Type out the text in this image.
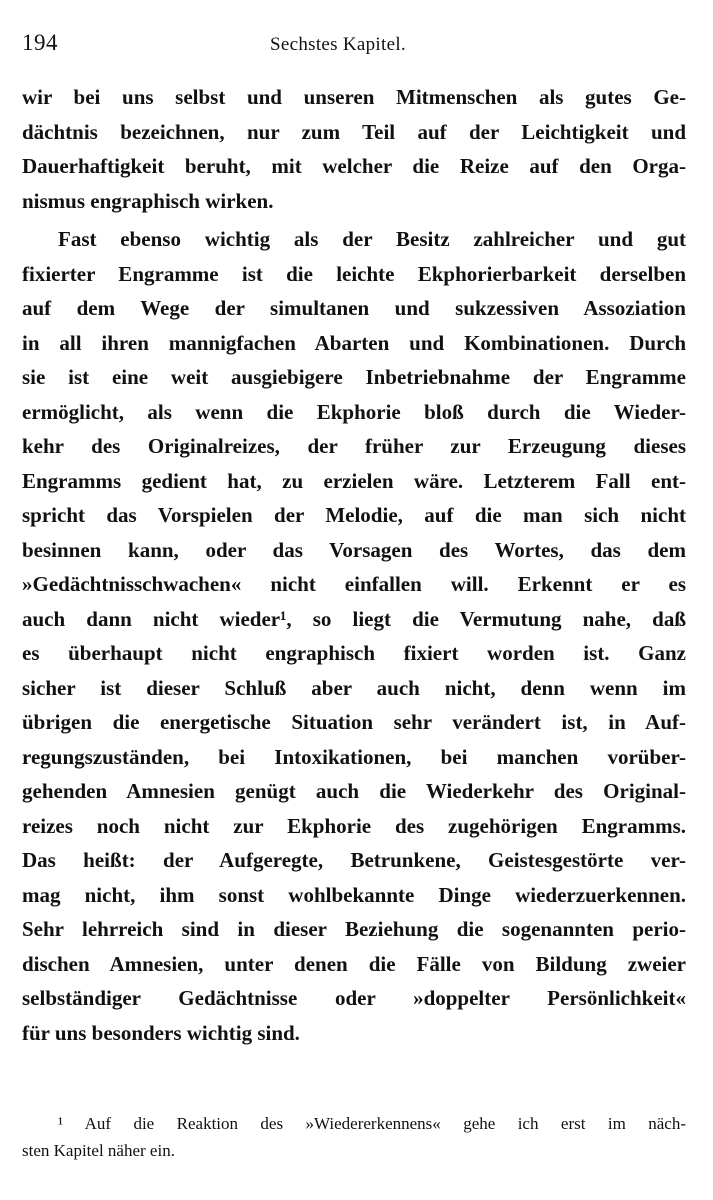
194	Sechstes Kapitel.
wir bei uns selbst und unseren Mitmenschen als gutes Ge-
dächtnis bezeichnen, nur zum Teil auf der Leichtigkeit und
Dauerhaftigkeit beruht, mit welcher die Reize auf den Orga-
nismus engraphisch wirken.
Fast ebenso wichtig als der Besitz zahlreicher und gut
fixierter Engramme ist die leichte Ekphorierbarkeit derselben
auf dem Wege der simultanen und sukzessiven Assoziation
in all ihren mannigfachen Abarten und Kombinationen. Durch
sie ist eine weit ausgiebigere Inbetriebnahme der Engramme
ermöglicht, als wenn die Ekphorie bloß durch die Wieder-
kehr des Originalreizes, der früher zur Erzeugung dieses
Engramms gedient hat, zu erzielen wäre. Letzterem Fall ent-
spricht das Vorspielen der Melodie, auf die man sich nicht
besinnen kann, oder das Vorsagen des Wortes, das dem
»Gedächtnisschwachen« nicht einfallen will. Erkennt er es
auch dann nicht wieder¹, so liegt die Vermutung nahe, daß
es überhaupt nicht engraphisch fixiert worden ist. Ganz
sicher ist dieser Schluß aber auch nicht, denn wenn im
übrigen die energetische Situation sehr verändert ist, in Auf-
regungszuständen, bei Intoxikationen, bei manchen vorüber-
gehenden Amnesien genügt auch die Wiederkehr des Original-
reizes noch nicht zur Ekphorie des zugehörigen Engramms.
Das heißt: der Aufgeregte, Betrunkene, Geistesgestörte ver-
mag nicht, ihm sonst wohlbekannte Dinge wiederzuerkennen.
Sehr lehrreich sind in dieser Beziehung die sogenannten perio-
dischen Amnesien, unter denen die Fälle von Bildung zweier
selbständiger Gedächtnisse oder »doppelter Persönlichkeit«
für uns besonders wichtig sind.
¹ Auf die Reaktion des »Wiedererkennens« gehe ich erst im näch-
sten Kapitel näher ein.
